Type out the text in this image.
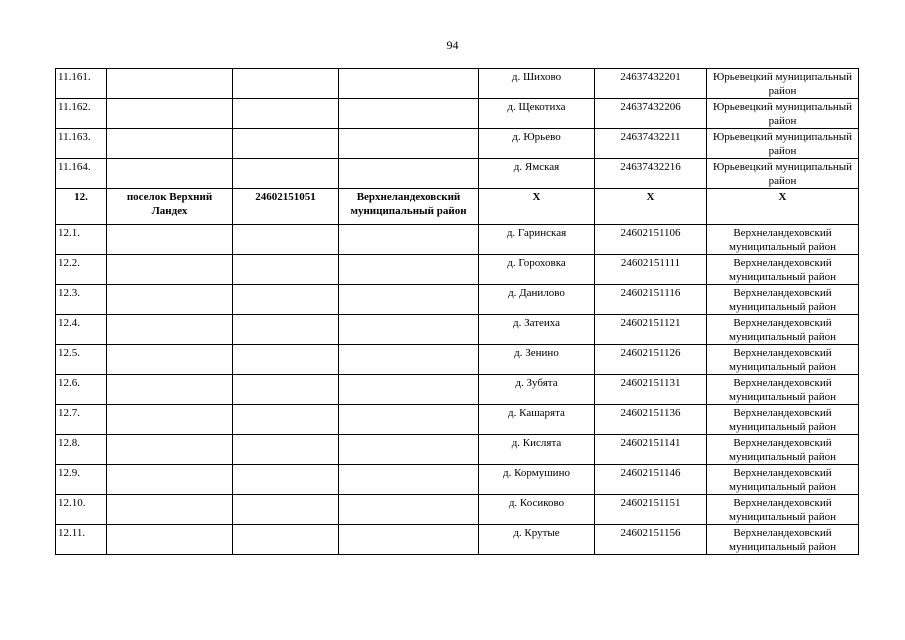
94
11.161.				д. Шихово	24637432201	Юрьевецкий муниципальный район
11.162.				д. Щекотиха	24637432206	Юрьевецкий муниципальный район
11.163.				д. Юрьево	24637432211	Юрьевецкий муниципальный район
11.164.				д. Ямская	24637432216	Юрьевецкий муниципальный район
12.	поселок Верхний Ландех	24602151051	Верхнеландеховский муниципальный район	X	X	X
12.1.				д. Гаринская	24602151106	Верхнеландеховский муниципальный район
12.2.				д. Гороховка	24602151111	Верхнеландеховский муниципальный район
12.3.				д. Данилово	24602151116	Верхнеландеховский муниципальный район
12.4.				д. Затеиха	24602151121	Верхнеландеховский муниципальный район
12.5.				д. Зенино	24602151126	Верхнеландеховский муниципальный район
12.6.				д. Зубята	24602151131	Верхнеландеховский муниципальный район
12.7.				д. Кашарята	24602151136	Верхнеландеховский муниципальный район
12.8.				д. Кислята	24602151141	Верхнеландеховский муниципальный район
12.9.				д. Кормушино	24602151146	Верхнеландеховский муниципальный район
12.10.				д. Косиково	24602151151	Верхнеландеховский муниципальный район
12.11.				д. Крутые	24602151156	Верхнеландеховский муниципальный район
